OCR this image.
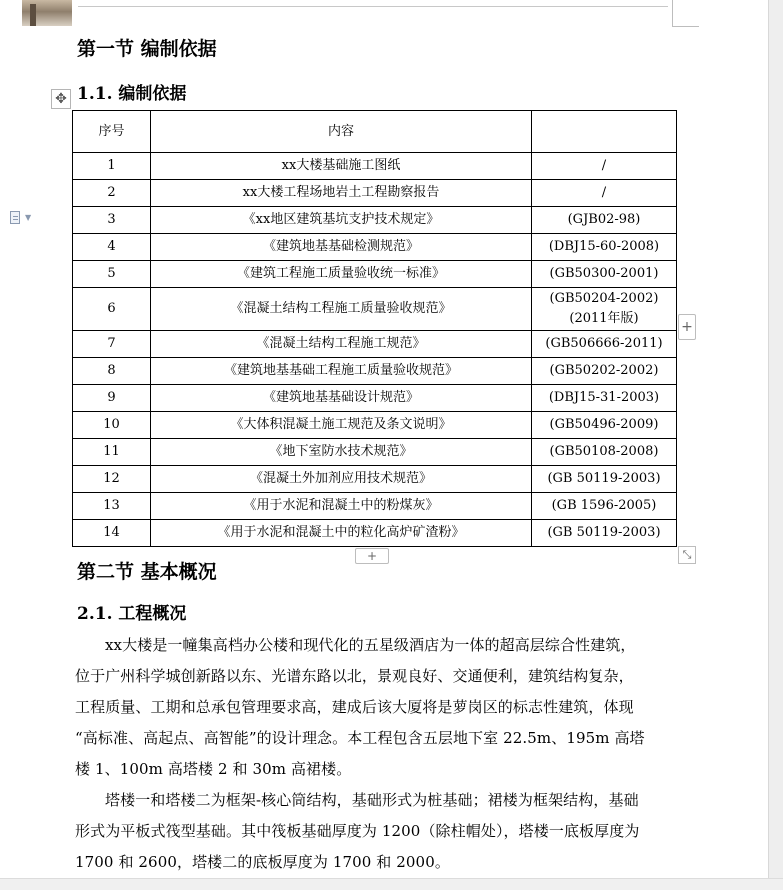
第一节 编制依据
1.1. 编制依据
✥
▼
序号	内容	
1	xx大楼基础施工图纸	/
2	xx大楼工程场地岩土工程勘察报告	/
3	《xx地区建筑基坑支护技术规定》	(GJB02-98)
4	《建筑地基基础检测规范》	(DBJ15-60-2008)
5	《建筑工程施工质量验收统一标准》	(GB50300-2001)
6	《混凝土结构工程施工质量验收规范》	(GB50204-2002)
(2011年版)

7	《混凝土结构工程施工规范》	(GB506666-2011)
8	《建筑地基基础工程施工质量验收规范》	(GB50202-2002)
9	《建筑地基基础设计规范》	(DBJ15-31-2003)
10	《大体积混凝土施工规范及条文说明》	(GB50496-2009)
11	《地下室防水技术规范》	(GB50108-2008)
12	《混凝土外加剂应用技术规范》	(GB 50119-2003)
13	《用于水泥和混凝土中的粉煤灰》	(GB 1596-2005)
14	《用于水泥和混凝土中的粒化高炉矿渣粉》	(GB 50119-2003)
+
+	⤡
第二节 基本概况
2.1. 工程概况

xx大楼是一幢集高档办公楼和现代化的五星级酒店为一体的超高层综合性建筑，
位于广州科学城创新路以东、光谱东路以北，景观良好、交通便利，建筑结构复杂，
工程质量、工期和总承包管理要求高，建成后该大厦将是萝岗区的标志性建筑，体现
“高标准、高起点、高智能”的设计理念。本工程包含五层地下室 22.5m、195m 高塔
楼 1、100m 高塔楼 2 和 30m 高裙楼。

塔楼一和塔楼二为框架-核心筒结构，基础形式为桩基础；裙楼为框架结构，基础
形式为平板式筏型基础。其中筏板基础厚度为 1200（除柱帽处），塔楼一底板厚度为
1700 和 2600，塔楼二的底板厚度为 1700 和 2000。
